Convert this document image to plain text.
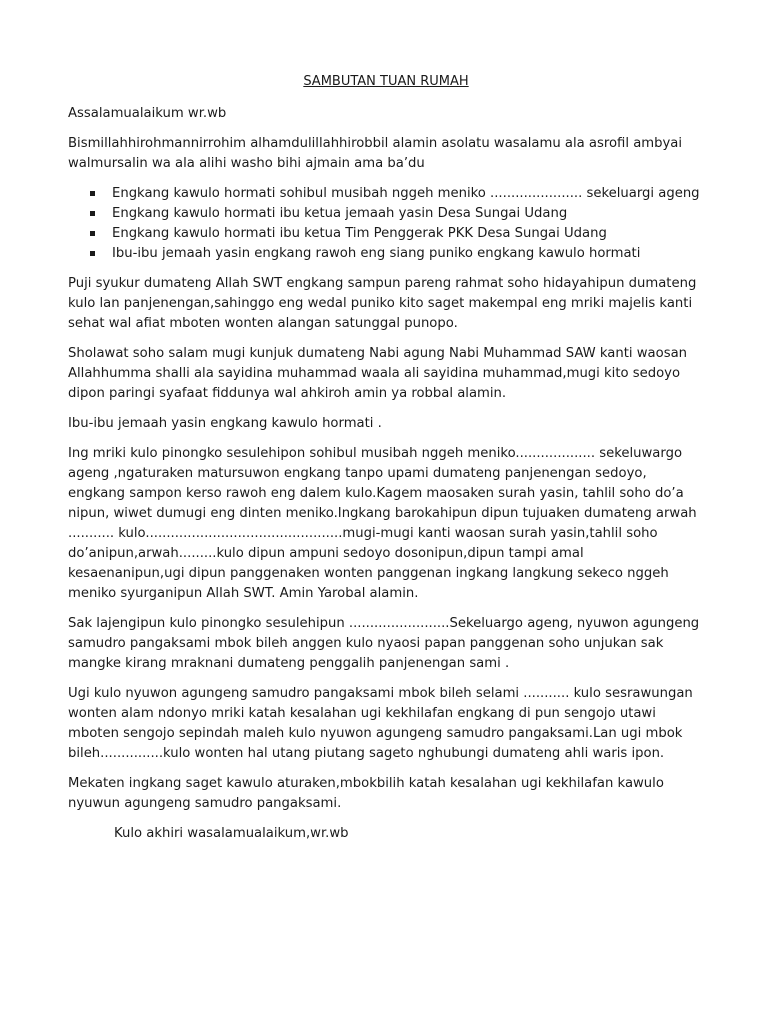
SAMBUTAN TUAN RUMAH

Assalamualaikum wr.wb

Bismillahhirohmannirrohim alhamdulillahhirobbil alamin asolatu wasalamu ala asrofil ambyai walmursalin wa ala alihi washo bihi ajmain ama ba’du

Engkang kawulo hormati sohibul musibah nggeh meniko ...................... sekeluargi ageng
Engkang kawulo hormati ibu ketua jemaah yasin Desa Sungai Udang
Engkang kawulo hormati ibu ketua Tim Penggerak PKK Desa Sungai Udang
Ibu-ibu jemaah yasin engkang rawoh eng siang puniko engkang kawulo hormati

Puji syukur dumateng Allah SWT engkang sampun pareng rahmat soho hidayahipun dumateng kulo lan panjenengan,sahinggo eng wedal puniko kito saget makempal eng mriki majelis kanti sehat wal afiat mboten wonten alangan satunggal punopo.

Sholawat soho salam mugi kunjuk dumateng Nabi agung Nabi Muhammad SAW kanti waosan Allahhumma shalli ala sayidina muhammad waala ali sayidina muhammad,mugi kito sedoyo dipon paringi syafaat fiddunya wal ahkiroh amin ya robbal alamin.

Ibu-ibu jemaah yasin engkang kawulo hormati .

Ing mriki kulo pinongko sesulehipon sohibul musibah nggeh meniko................... sekeluwargo ageng ,ngaturaken matursuwon engkang tanpo upami dumateng panjenengan sedoyo, engkang sampon kerso rawoh eng dalem kulo.Kagem maosaken surah yasin, tahlil soho do’a nipun, wiwet dumugi eng dinten meniko.Ingkang barokahipun dipun tujuaken dumateng arwah ........... kulo...............................................mugi-mugi kanti waosan surah yasin,tahlil soho do’anipun,arwah.........kulo dipun ampuni sedoyo dosonipun,dipun tampi amal kesaenanipun,ugi dipun panggenaken wonten panggenan ingkang langkung sekeco nggeh meniko syurganipun Allah SWT. Amin Yarobal alamin.

Sak lajengipun kulo pinongko sesulehipun ........................Sekeluargo ageng, nyuwon agungeng samudro pangaksami mbok bileh anggen kulo nyaosi papan panggenan soho unjukan sak mangke kirang mraknani dumateng penggalih panjenengan sami .

Ugi kulo nyuwon agungeng samudro pangaksami mbok bileh selami ........... kulo sesrawungan wonten alam ndonyo mriki katah kesalahan ugi kekhilafan engkang di pun sengojo utawi mboten sengojo sepindah maleh kulo nyuwon agungeng samudro pangaksami.Lan ugi mbok bileh...............kulo wonten hal utang piutang sageto nghubungi dumateng ahli waris ipon.

Mekaten ingkang saget kawulo aturaken,mbokbilih katah kesalahan ugi kekhilafan kawulo nyuwun agungeng samudro pangaksami.

Kulo akhiri wasalamualaikum,wr.wb
